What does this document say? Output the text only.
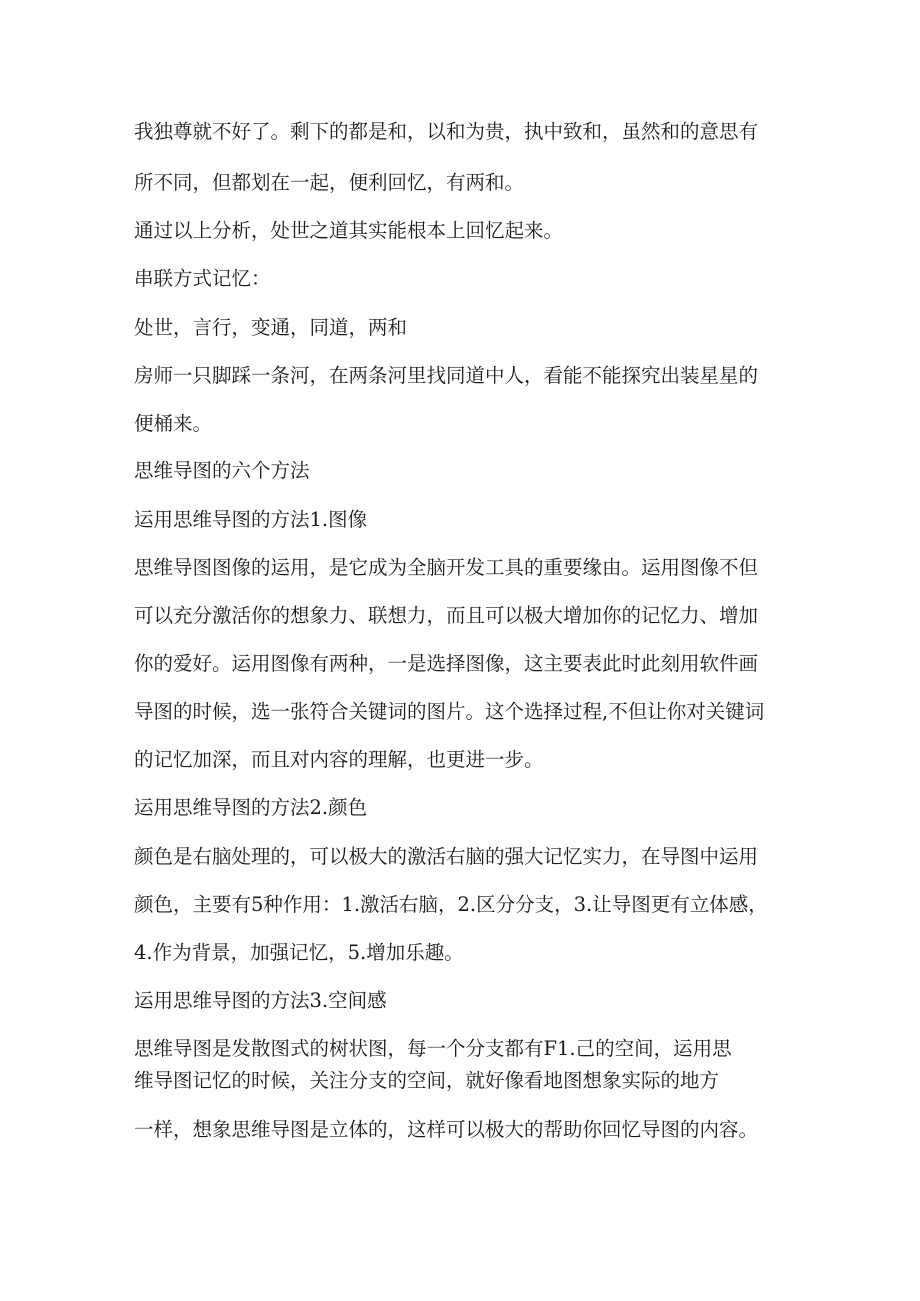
我独尊就不好了。剩下的都是和，以和为贵，执中致和，虽然和的意思有

所不同，但都划在一起，便利回忆，有两和。

通过以上分析，处世之道其实能根本上回忆起来。

串联方式记忆：

处世，言行，变通，同道，两和

房师一只脚踩一条河，在两条河里找同道中人，看能不能探究出装星星的

便桶来。

思维导图的六个方法

运用思维导图的方法1.图像

思维导图图像的运用，是它成为全脑开发工具的重要缘由。运用图像不但

可以充分激活你的想象力、联想力，而且可以极大增加你的记忆力、增加

你的爱好。运用图像有两种，一是选择图像，这主要表此时此刻用软件画

导图的时候，选一张符合关键词的图片。这个选择过程,不但让你对关键词

的记忆加深，而且对内容的理解，也更进一步。

运用思维导图的方法2.颜色

颜色是右脑处理的，可以极大的激活右脑的强大记忆实力，在导图中运用

颜色，主要有5种作用：1.激活右脑，2.区分分支，3.让导图更有立体感，

4.作为背景，加强记忆，5.增加乐趣。

运用思维导图的方法3.空间感

思维导图是发散图式的树状图，每一个分支都有F1.己的空间，运用思

维导图记忆的时候，关注分支的空间，就好像看地图想象实际的地方

一样，想象思维导图是立体的，这样可以极大的帮助你回忆导图的内容。
